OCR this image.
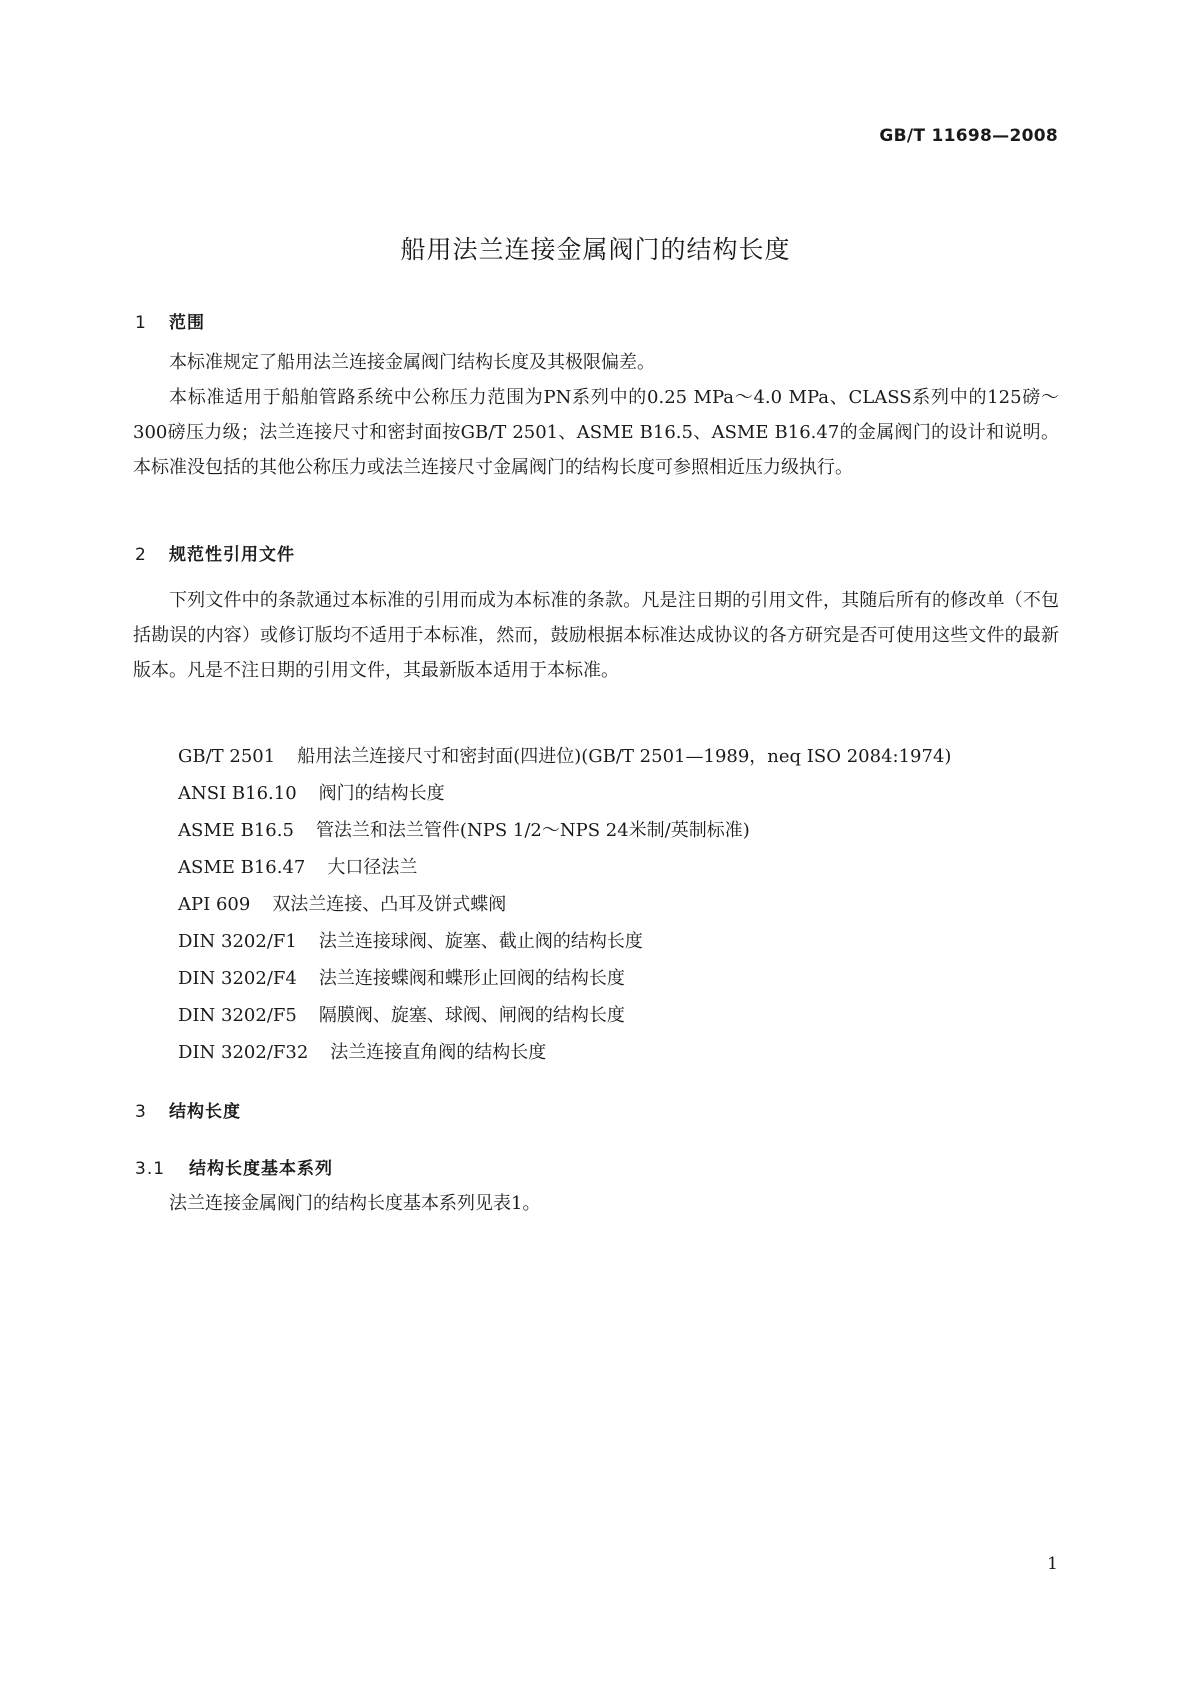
GB/T 11698—2008
船用法兰连接金属阀门的结构长度
1 范围

本标准规定了船用法兰连接金属阀门结构长度及其极限偏差。

本标准适用于船舶管路系统中公称压力范围为PN系列中的0.25 MPa～4.0 MPa、CLASS系列中的125磅～300磅压力级；法兰连接尺寸和密封面按GB/T 2501、ASME B16.5、ASME B16.47的金属阀门的设计和说明。本标准没包括的其他公称压力或法兰连接尺寸金属阀门的结构长度可参照相近压力级执行。

2 规范性引用文件

下列文件中的条款通过本标准的引用而成为本标准的条款。凡是注日期的引用文件，其随后所有的修改单（不包括勘误的内容）或修订版均不适用于本标准，然而，鼓励根据本标准达成协议的各方研究是否可使用这些文件的最新版本。凡是不注日期的引用文件，其最新版本适用于本标准。

GB/T 2501 船用法兰连接尺寸和密封面(四进位)(GB/T 2501—1989，neq ISO 2084:1974)
ANSI B16.10 阀门的结构长度
ASME B16.5 管法兰和法兰管件(NPS 1/2～NPS 24米制/英制标准)
ASME B16.47 大口径法兰
API 609 双法兰连接、凸耳及饼式蝶阀
DIN 3202/F1 法兰连接球阀、旋塞、截止阀的结构长度
DIN 3202/F4 法兰连接蝶阀和蝶形止回阀的结构长度
DIN 3202/F5 隔膜阀、旋塞、球阀、闸阀的结构长度
DIN 3202/F32 法兰连接直角阀的结构长度
3 结构长度
3.1 结构长度基本系列

法兰连接金属阀门的结构长度基本系列见表1。

1
